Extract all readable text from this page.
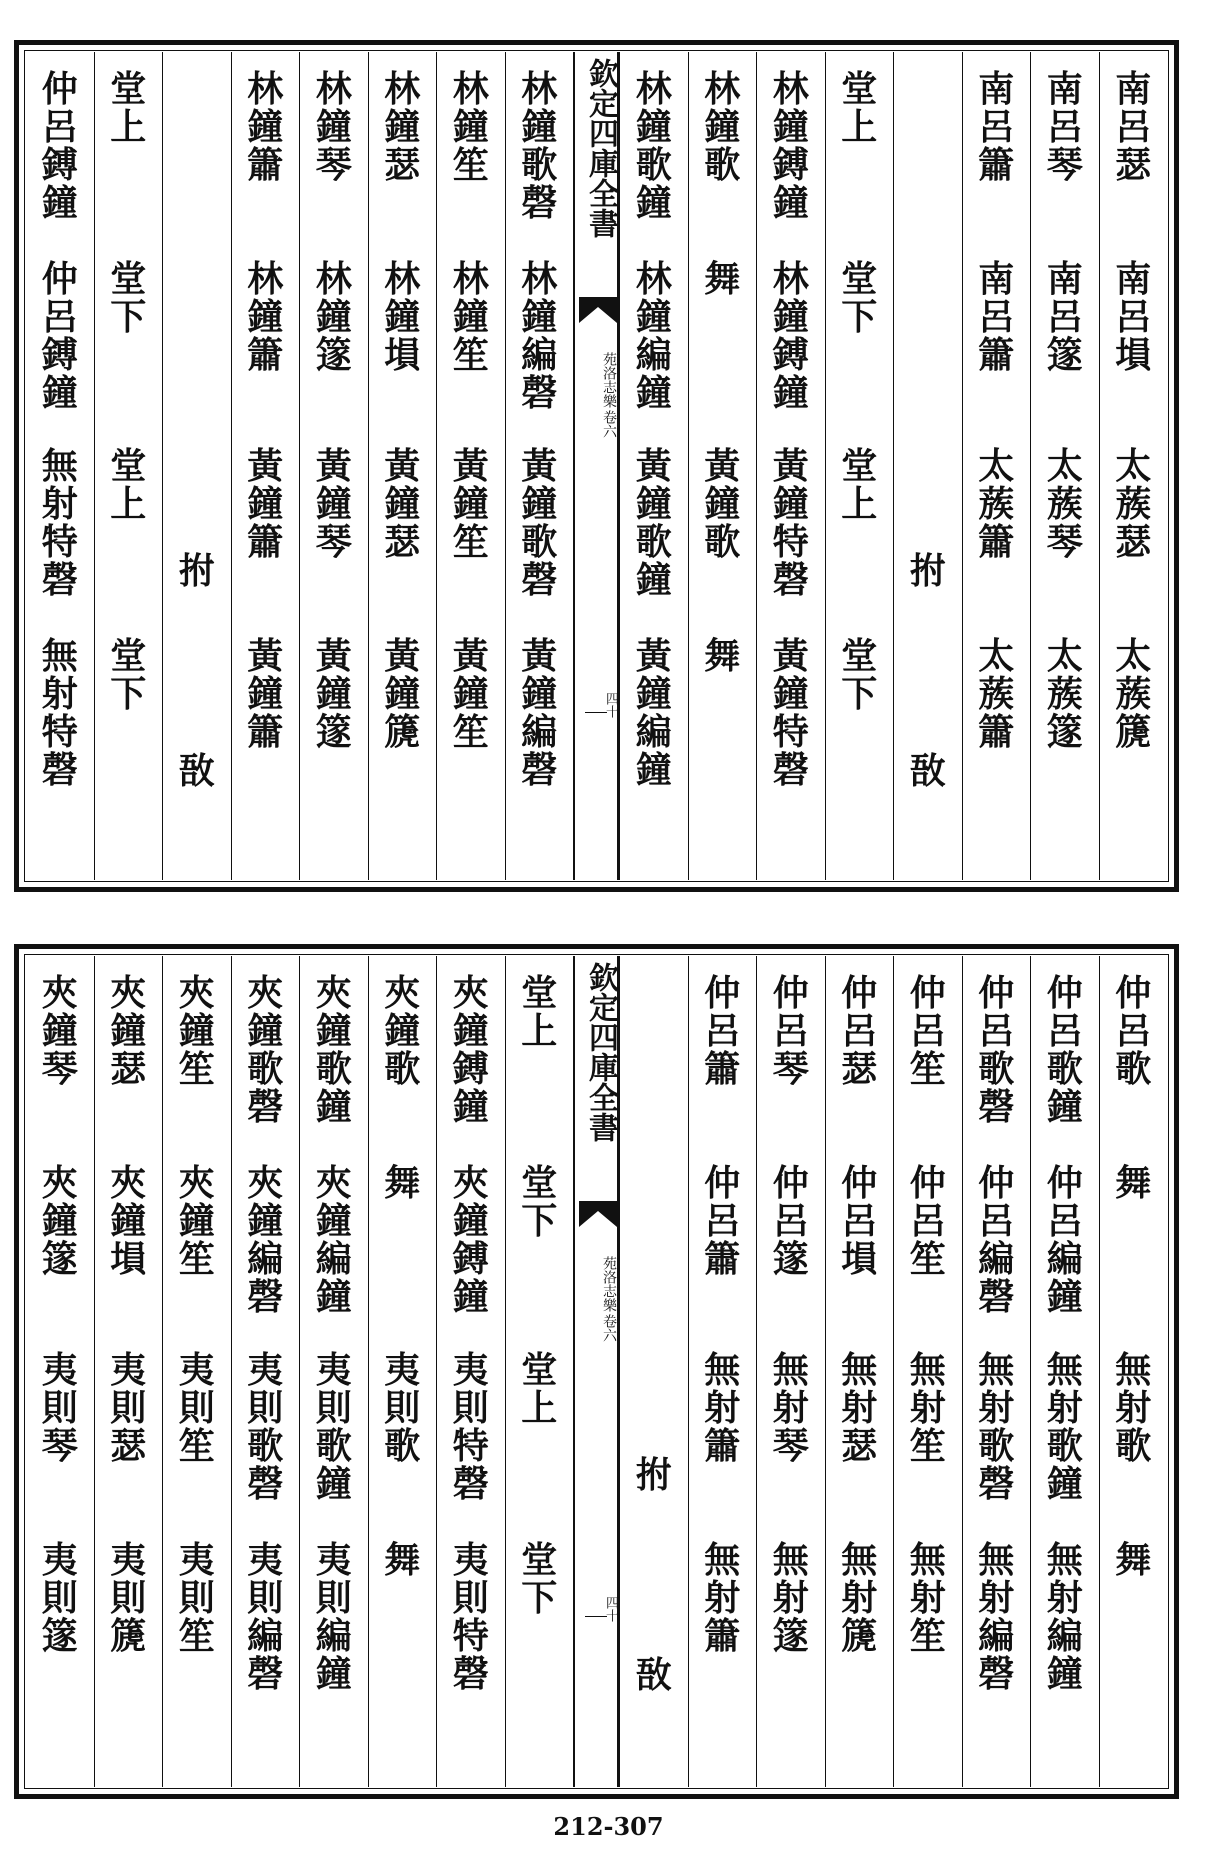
南
呂
瑟
南
呂
塤
太
蔟
瑟
太
蔟
篪
南
呂
琴
南
呂
篴
太
蔟
琴
太
蔟
篴
南
呂
簫
南
呂
簫
太
蔟
簫
太
蔟
簫
拊
敔
堂
上
堂
下
堂
上
堂
下
林
鐘
鎛
鐘
林
鐘
鎛
鐘
黃
鐘
特
磬
黃
鐘
特
磬
林
鐘
歌
舞
黃
鐘
歌
舞
林
鐘
歌
鐘
林
鐘
編
鐘
黃
鐘
歌
鐘
黃
鐘
編
鐘
欽定四庫全書
苑洛志樂
卷六
四十
林
鐘
歌
磬
林
鐘
編
磬
黃
鐘
歌
磬
黃
鐘
編
磬
林
鐘
笙
林
鐘
笙
黃
鐘
笙
黃
鐘
笙
林
鐘
瑟
林
鐘
塤
黃
鐘
瑟
黃
鐘
篪
林
鐘
琴
林
鐘
篴
黃
鐘
琴
黃
鐘
篴
林
鐘
簫
林
鐘
簫
黃
鐘
簫
黃
鐘
簫
拊
敔
堂
上
堂
下
堂
上
堂
下
仲
呂
鎛
鐘
仲
呂
鎛
鐘
無
射
特
磬
無
射
特
磬
仲
呂
歌
舞
無
射
歌
舞
仲
呂
歌
鐘
仲
呂
編
鐘
無
射
歌
鐘
無
射
編
鐘
仲
呂
歌
磬
仲
呂
編
磬
無
射
歌
磬
無
射
編
磬
仲
呂
笙
仲
呂
笙
無
射
笙
無
射
笙
仲
呂
瑟
仲
呂
塤
無
射
瑟
無
射
篪
仲
呂
琴
仲
呂
篴
無
射
琴
無
射
篴
仲
呂
簫
仲
呂
簫
無
射
簫
無
射
簫
拊
敔
欽定四庫全書
苑洛志樂
卷六
四十
堂
上
堂
下
堂
上
堂
下
夾
鐘
鎛
鐘
夾
鐘
鎛
鐘
夷
則
特
磬
夷
則
特
磬
夾
鐘
歌
舞
夷
則
歌
舞
夾
鐘
歌
鐘
夾
鐘
編
鐘
夷
則
歌
鐘
夷
則
編
鐘
夾
鐘
歌
磬
夾
鐘
編
磬
夷
則
歌
磬
夷
則
編
磬
夾
鐘
笙
夾
鐘
笙
夷
則
笙
夷
則
笙
夾
鐘
瑟
夾
鐘
塤
夷
則
瑟
夷
則
篪
夾
鐘
琴
夾
鐘
篴
夷
則
琴
夷
則
篴
212-307
